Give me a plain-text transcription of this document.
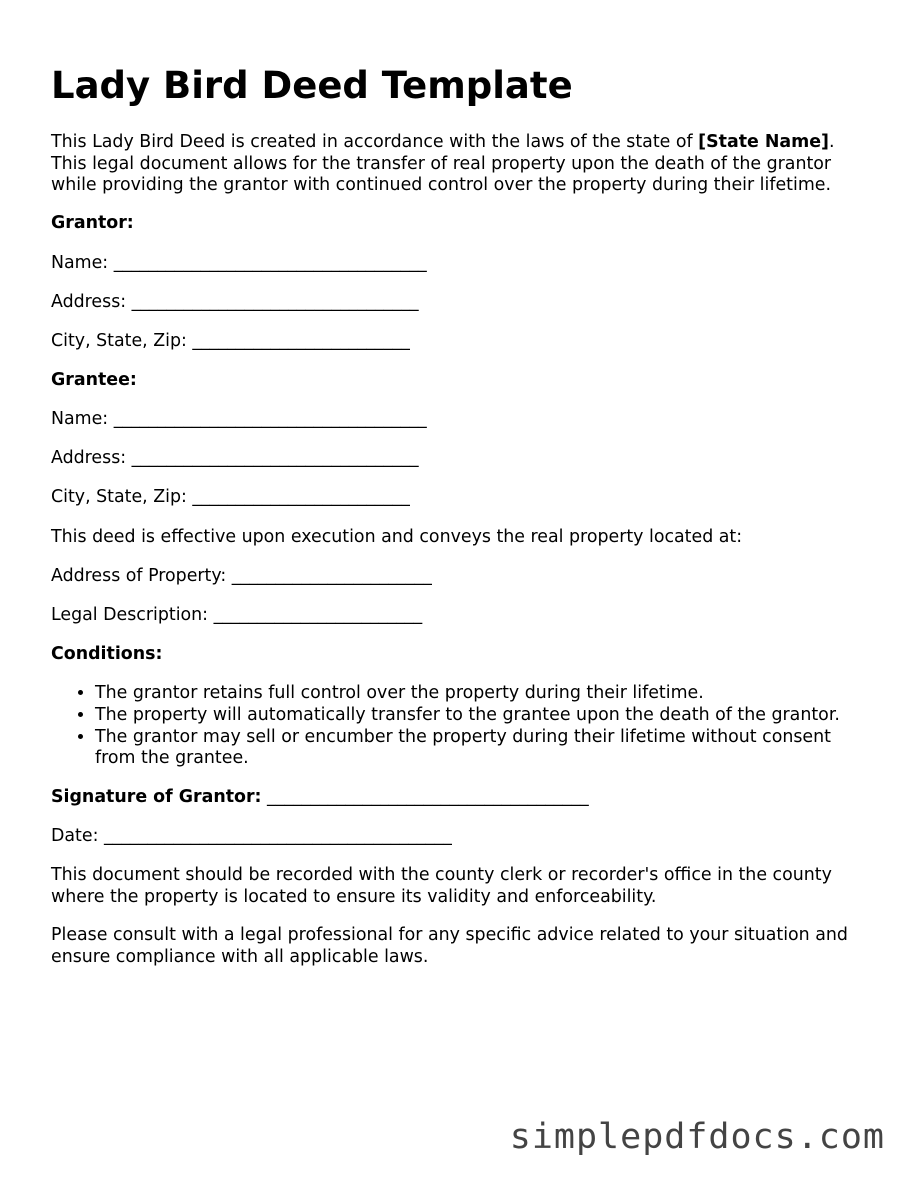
Lady Bird Deed Template
This Lady Bird Deed is created in accordance with the laws of the state of [State Name]. This legal document allows for the transfer of real property upon the death of the grantor while providing the grantor with continued control over the property during their lifetime.
Grantor:
Name: ____________________________________
Address: _________________________________
City, State, Zip: _________________________
Grantee:
Name: ____________________________________
Address: _________________________________
City, State, Zip: _________________________
This deed is effective upon execution and conveys the real property located at:
Address of Property: _______________________
Legal Description: ________________________
Conditions:
• The grantor retains full control over the property during their lifetime.
• The property will automatically transfer to the grantee upon the death of the grantor.
• The grantor may sell or encumber the property during their lifetime without consent from the grantee.
Signature of Grantor: _____________________________________
Date: ________________________________________
This document should be recorded with the county clerk or recorder's office in the county where the property is located to ensure its validity and enforceability.
Please consult with a legal professional for any specific advice related to your situation and ensure compliance with all applicable laws.
simplepdfdocs.com
